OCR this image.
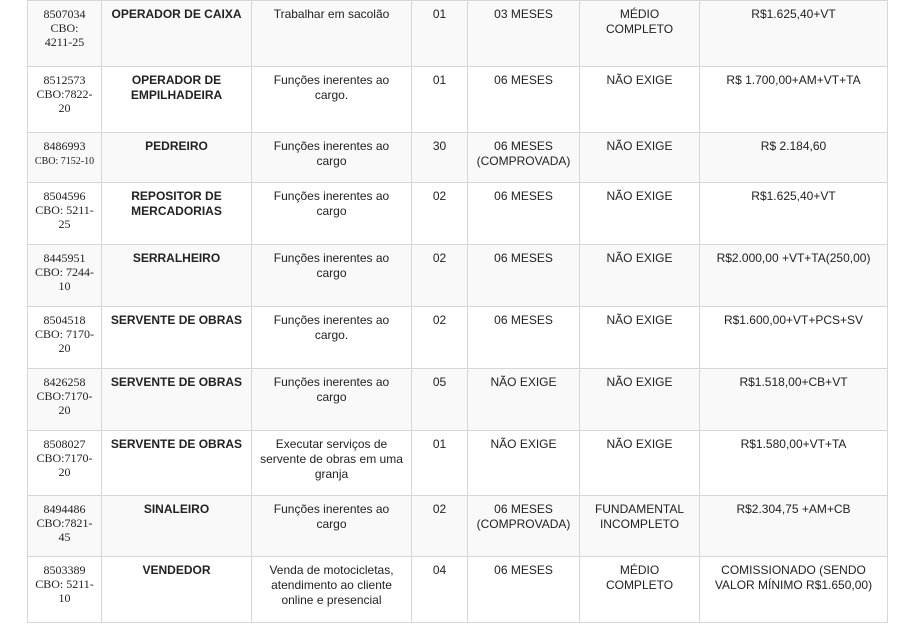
8507034
CBO:
4211-25	OPERADOR DE CAIXA	Trabalhar em sacolão	01	03 MESES	MÉDIO
COMPLETO	R$1.625,40+VT
8512573
CBO:7822-
20	OPERADOR DE
EMPILHADEIRA	Funções inerentes ao
cargo.	01	06 MESES	NÃO EXIGE	R$ 1.700,00+AM+VT+TA
8486993
CBO: 7152-10	PEDREIRO	Funções inerentes ao
cargo	30	06 MESES
(COMPROVADA)	NÃO EXIGE	R$ 2.184,60
8504596
CBO: 5211-
25	REPOSITOR DE
MERCADORIAS	Funções inerentes ao
cargo	02	06 MESES	NÃO EXIGE	R$1.625,40+VT
8445951
CBO: 7244-
10	SERRALHEIRO	Funções inerentes ao
cargo	02	06 MESES	NÃO EXIGE	R$2.000,00 +VT+TA(250,00)
8504518
CBO: 7170-
20	SERVENTE DE OBRAS	Funções inerentes ao
cargo.	02	06 MESES	NÃO EXIGE	R$1.600,00+VT+PCS+SV
8426258
CBO:7170-
20	SERVENTE DE OBRAS	Funções inerentes ao
cargo	05	NÃO EXIGE	NÃO EXIGE	R$1.518,00+CB+VT
8508027
CBO:7170-
20	SERVENTE DE OBRAS	Executar serviços de
servente de obras em uma
granja	01	NÃO EXIGE	NÃO EXIGE	R$1.580,00+VT+TA
8494486
CBO:7821-
45	SINALEIRO	Funções inerentes ao
cargo	02	06 MESES
(COMPROVADA)	FUNDAMENTAL
INCOMPLETO	R$2.304,75 +AM+CB
8503389
CBO: 5211-
10	VENDEDOR	Venda de motocicletas,
atendimento ao cliente
online e presencial	04	06 MESES	MÉDIO
COMPLETO	COMISSIONADO (SENDO
VALOR MÍNIMO R$1.650,00)
